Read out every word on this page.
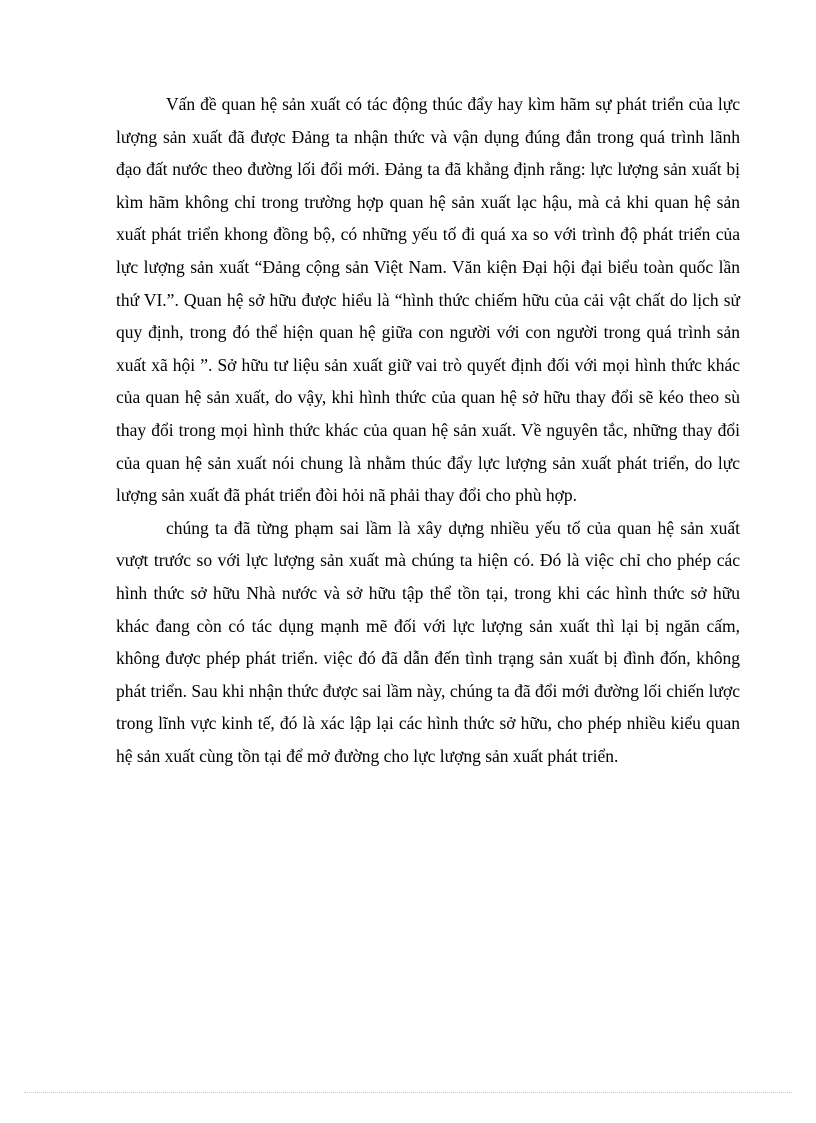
Vấn đề quan hệ sản xuất có tác động thúc đẩy hay kìm hãm sự phát triển của lực lượng sản xuất đã được Đảng ta nhận thức và vận dụng đúng đắn trong quá trình lãnh đạo đất nước theo đường lối đổi mới. Đảng ta đã khẳng định rằng: lực lượng sản xuất bị kìm hãm không chỉ trong trường hợp quan hệ sản xuất lạc hậu, mà cả khi quan hệ sản xuất phát triển khong đồng bộ, có những yếu tố đi quá xa so với trình độ phát triển của lực lượng sản xuất “Đảng cộng sản Việt Nam. Văn kiện Đại hội đại biểu toàn quốc lần thứ VI.”. Quan hệ sở hữu được hiểu là “hình thức chiếm hữu của cải vật chất do lịch sử quy định, trong đó thể hiện quan hệ giữa con người với con người trong quá trình sản xuất xã hội ”. Sở hữu tư liệu sản xuất giữ vai trò quyết định đối với mọi hình thức khác của quan hệ sản xuất, do vậy, khi hình thức của quan hệ sở hữu thay đổi sẽ kéo theo sù thay đổi trong mọi hình thức khác của quan hệ sản xuất. Về nguyên tắc, những thay đổi của quan hệ sản xuất nói chung là nhằm thúc đẩy lực lượng sản xuất phát triển, do lực lượng sản xuất đã phát triển đòi hỏi nã phải thay đổi cho phù hợp.

chúng ta đã từng phạm sai lầm là xây dựng nhiều yếu tố của quan hệ sản xuất vượt trước so với lực lượng sản xuất mà chúng ta hiện có. Đó là việc chỉ cho phép các hình thức sở hữu Nhà nước và sở hữu tập thể tồn tại, trong khi các hình thức sở hữu khác đang còn có tác dụng mạnh mẽ đối với lực lượng sản xuất thì lại bị ngăn cấm, không được phép phát triển. việc đó đã dẫn đến tình trạng sản xuất bị đình đốn, không phát triển. Sau khi nhận thức được sai lầm này, chúng ta đã đổi mới đường lối chiến lược trong lĩnh vực kinh tế, đó là xác lập lại các hình thức sở hữu, cho phép nhiều kiểu quan hệ sản xuất cùng tồn tại để mở đường cho lực lượng sản xuất phát triển.
